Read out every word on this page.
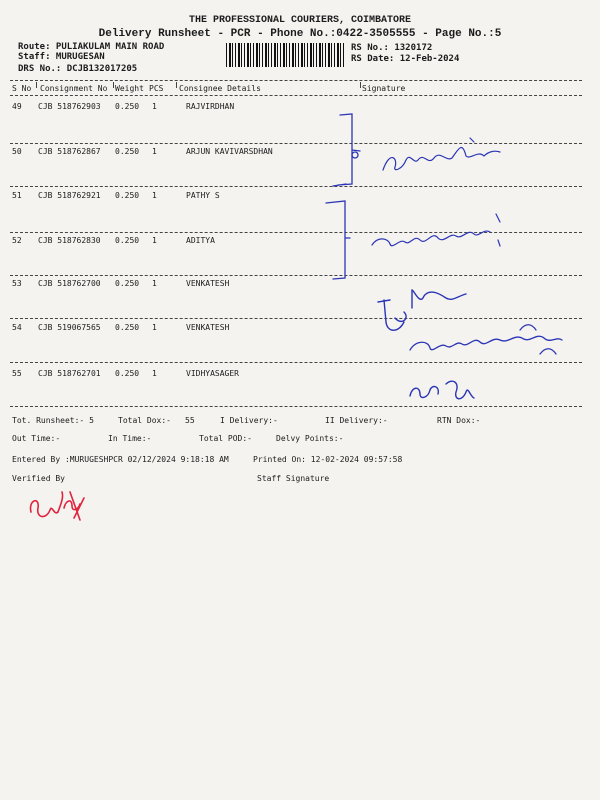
THE PROFESSIONAL COURIERS, COIMBATORE
Delivery Runsheet - PCR - Phone No.:0422-3505555 - Page No.:5
Route: PULIAKULAM MAIN ROAD
Staff: MURUGESAN
DRS No.: DCJB132017205
RS No.: 1320172
RS Date: 12-Feb-2024
S No Consignment No Weight PCS Consignee Details	Signature
49 CJB 518762903 0.250 1	RAJVIRDHAN
50 CJB 518762867 0.250 1	ARJUN KAVIVARSDHAN
51 CJB 518762921 0.250 1	PATHY S
52 CJB 518762830 0.250 1	ADITYA
53 CJB 518762700 0.250 1	VENKATESH
54 CJB 519067565 0.250 1	VENKATESH
55 CJB 518762701 0.250 1	VIDHYASAGER
Tot. Runsheet:- 5	Total Dox:- 55	I Delivery:-	II Delivery:-	RTN Dox:-
Out Time:-	In Time:-	Total POD:-	Delvy Points:-
Entered By :MURUGESHPCR 02/12/2024 9:18:18 AM	Printed On: 12-02-2024 09:57:58
Verified By	Staff Signature
